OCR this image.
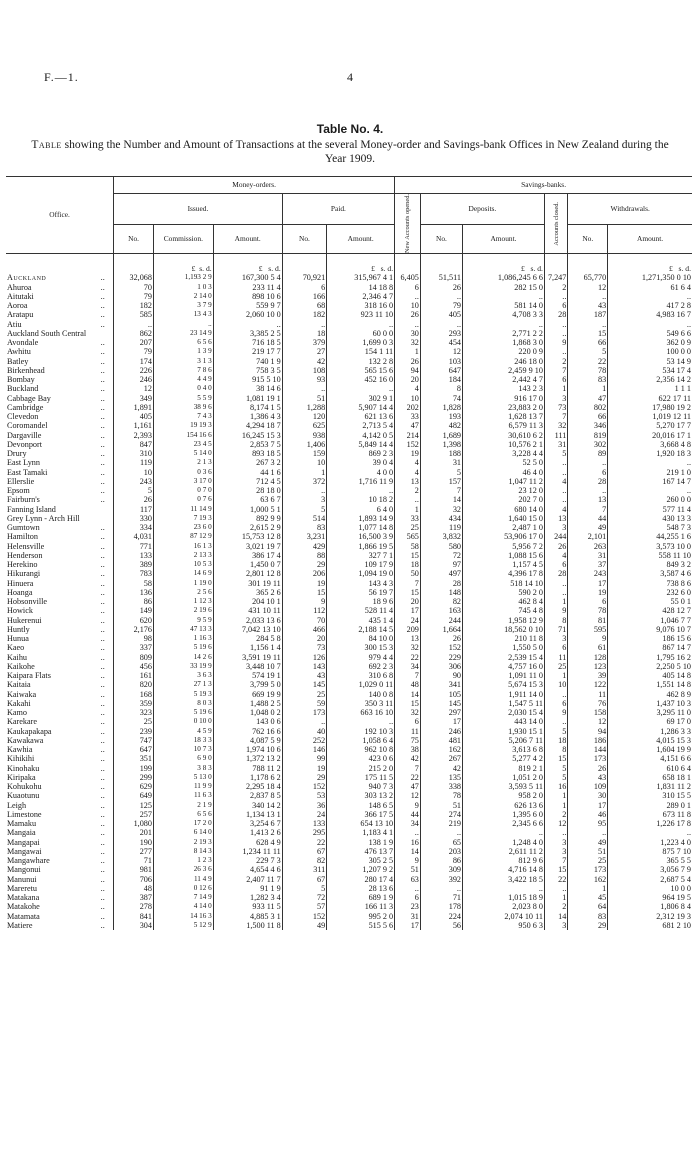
F.—1.	4
Table No. 4.
Table showing the Number and Amount of Transactions at the several Money-order and Savings-bank Offices in New Zealand during the Year 1909.
Office.		Money-orders.					Savings-banks.					
		Issued.			Paid.		New Accounts opened.	Deposits.		Accounts closed.	Withdrawals.	
		No.	Commission.	Amount.	No.	Amount.		No.	Amount.		No.	Amount.
			£ s. d.	£ s. d.		£ s. d.			£ s. d.			£ s. d.
Auckland	..	32,068	1,193 2 9	167,300 5 4	70,921	315,967 4 1	6,405	51,511	1,086,245 6 6	7,247	65,770	1,271,350 0 10
Ahuroa	..	70	1 0 3	233 11 4	6	14 18 8	6	26	282 15 0	2	12	61 6 4
Aitutaki	..	79	2 14 0	898 10 6	166	2,346 4 7	..	..	..	..	..	..
Aoroa	..	182	3 7 9	559 9 7	68	318 16 0	10	79	581 14 0	6	43	417 2 8
Aratapu	..	585	13 4 3	2,060 10 0	182	923 11 10	26	405	4,708 3 3	28	187	4,983 16 7
Atiu	..	..	..	..	..	..	..	..	..	..	..	..
Auckland South Central		862	23 14 9	3,385 2 5	18	60 0 0	30	293	2,771 2 2	..	15	549 6 6
Avondale	..	207	6 5 6	716 18 5	379	1,699 0 3	32	454	1,868 3 0	9	66	362 0 9
Awhitu	..	79	1 3 9	219 17 7	27	154 1 11	1	12	220 0 9	..	5	100 0 0
Batley	..	174	3 1 3	740 1 9	42	132 2 8	26	103	246 18 0	2	22	53 14 9
Birkenhead	..	226	7 8 6	758 3 5	108	565 15 6	94	647	2,459 9 10	7	78	534 17 4
Bombay	..	246	4 4 9	915 5 10	93	452 16 0	20	184	2,442 4 7	6	83	2,356 14 2
Buckland	..	12	0 4 0	38 14 6	..	..	4	8	143 2 3	1	1	1 1 1
Cabbage Bay	..	349	5 5 9	1,081 19 1	51	302 9 1	10	74	916 17 0	3	47	622 17 11
Cambridge	..	1,891	38 9 6	8,174 1 5	1,288	5,907 14 4	202	1,828	23,883 2 0	73	802	17,980 19 2
Clevedon	..	405	7 4 3	1,386 4 3	120	621 13 6	33	193	1,628 13 7	7	66	1,019 12 11
Coromandel	..	1,161	19 19 3	4,294 18 7	625	2,713 5 4	47	482	6,579 11 3	32	346	5,270 17 7
Dargaville	..	2,393	154 16 6	16,245 15 3	938	4,142 0 5	214	1,689	30,610 6 2	111	819	20,016 17 1
Devonport	..	847	23 4 5	2,853 7 5	1,406	5,849 14 4	152	1,398	10,576 2 1	31	302	3,668 4 8
Drury	..	310	5 14 0	893 18 5	159	869 2 3	19	188	3,228 4 4	5	89	1,920 18 3
East Lynn	..	119	2 1 3	267 3 2	10	39 0 4	4	31	52 5 0	..	..	..
East Tamaki	..	10	0 3 6	44 1 6	1	4 0 0	4	5	46 4 0	..	6	219 1 0
Ellerslie	..	243	3 17 0	712 4 5	372	1,716 11 9	13	157	1,047 11 2	4	28	167 14 7
Epsom	..	5	0 7 0	28 18 0	..	..	2	7	23 12 0	..	..	..
Fairburn's	..	26	0 7 6	63 6 7	3	10 18 2	..	14	202 7 0	..	13	260 0 0
Fanning Island		117	11 14 9	1,000 5 1	5	6 4 0	1	32	680 14 0	4	7	577 11 4
Grey Lynn - Arch Hill		330	7 19 3	892 9 9	514	1,893 14 9	33	434	1,640 15 0	13	44	430 13 3
Gumtown	..	334	23 6 0	2,615 2 9	83	1,077 14 8	25	119	2,487 1 0	3	49	548 7 3
Hamilton	..	4,031	87 12 9	15,753 12 8	3,231	16,500 3 9	565	3,832	53,906 17 0	244	2,101	44,255 1 6
Helensville	..	771	16 1 3	3,021 19 7	429	1,866 19 5	58	580	5,956 7 2	26	263	3,573 10 0
Henderson	..	133	2 13 3	386 17 4	88	327 7 1	15	72	1,088 15 6	4	31	558 11 10
Herekino	..	389	10 5 3	1,450 0 7	29	109 17 9	18	97	1,157 4 5	6	37	849 3 2
Hikurangi	..	783	14 6 9	2,801 12 8	206	1,094 19 0	50	497	4,396 17 8	28	243	3,587 4 6
Hinuera	..	58	1 19 0	301 19 11	19	143 4 3	7	28	518 14 10	..	17	738 8 6
Hoanga	..	136	2 5 6	365 2 6	15	56 19 7	15	148	590 2 0	..	19	232 6 0
Hobsonville	..	86	1 12 3	204 10 1	9	18 9 6	20	82	462 8 4	1	6	55 0 1
Howick	..	149	2 19 6	431 10 11	112	528 11 4	17	163	745 4 8	9	78	428 12 7
Hukerenui	..	620	9 5 9	2,033 13 6	70	435 1 4	24	244	1,958 12 9	8	81	1,046 7 7
Huntly	..	2,176	47 13 3	7,042 13 10	466	2,188 14 5	209	1,664	18,562 0 10	71	595	9,076 10 7
Hunua	..	98	1 16 3	284 5 8	20	84 10 0	13	26	210 11 8	3	9	186 15 6
Kaeo	..	337	5 19 6	1,156 1 4	73	300 15 3	32	152	1,550 5 0	6	61	867 14 7
Kaihu	..	809	14 2 6	3,591 19 11	126	979 4 4	22	229	2,539 15 4	11	128	1,795 16 2
Kaikohe	..	456	33 19 9	3,448 10 7	143	692 2 3	34	306	4,757 16 0	25	123	2,250 5 10
Kaipara Flats	..	161	3 6 3	574 19 1	43	310 6 8	7	90	1,091 11 0	1	39	405 14 8
Kaitaia	..	820	27 1 3	3,799 5 0	145	1,029 0 11	48	341	5,674 15 3	10	122	1,551 14 8
Kaiwaka	..	168	5 19 3	669 19 9	25	140 0 8	14	105	1,911 14 0	..	11	462 8 9
Kakahi	..	359	8 0 3	1,488 2 5	59	350 3 11	15	145	1,547 5 11	6	76	1,437 10 3
Kamo	..	323	5 19 6	1,048 0 2	173	663 16 10	32	297	2,030 15 4	9	158	3,295 11 0
Karekare	..	25	0 10 0	143 0 6	..	..	6	17	443 14 0	..	12	69 17 0
Kaukapakapa	..	239	4 5 9	762 16 6	40	192 10 3	11	246	1,930 15 1	5	94	1,286 3 3
Kawakawa	..	747	18 3 3	4,087 5 9	252	1,058 6 4	75	481	5,206 7 11	18	186	4,015 15 3
Kawhia	..	647	10 7 3	1,974 10 6	146	962 10 8	38	162	3,613 6 8	8	144	1,604 19 9
Kihikihi	..	351	6 9 0	1,372 13 2	99	423 0 6	42	267	5,277 4 2	15	173	4,151 6 6
Kinohaku	..	199	3 8 3	788 11 2	19	215 2 0	7	42	819 2 1	5	26	610 6 4
Kiripaka	..	299	5 13 0	1,178 6 2	29	175 11 5	22	135	1,051 2 0	5	43	658 18 1
Kohukohu	..	629	11 9 9	2,295 18 4	152	940 7 3	47	338	3,593 5 11	16	109	1,831 11 2
Kuaotunu	..	649	11 6 3	2,837 8 5	53	303 13 2	12	78	958 2 0	1	30	310 15 5
Leigh	..	125	2 1 9	340 14 2	36	148 6 5	9	51	626 13 6	1	17	289 0 1
Limestone	..	257	6 5 6	1,134 13 1	24	366 17 5	44	274	1,395 6 0	2	46	673 11 8
Mamaku	..	1,080	17 2 0	3,254 6 7	133	654 13 10	34	219	2,345 6 6	12	95	1,226 17 8
Mangaia	..	201	6 14 0	1,413 2 6	295	1,183 4 1	..	..	..	..	..	..
Mangapai	..	190	2 19 3	628 4 9	22	138 1 9	16	65	1,248 4 0	3	49	1,223 4 0
Mangawai	..	277	8 14 3	1,234 11 11	67	476 13 7	14	203	2,611 11 2	3	51	875 7 10
Mangawhare	..	71	1 2 3	229 7 3	82	305 2 5	9	86	812 9 6	7	25	365 5 5
Mangonui	..	981	26 3 6	4,654 4 6	311	1,207 9 2	51	309	4,716 14 8	15	173	3,056 7 9
Manunui	..	706	11 4 9	2,407 11 7	67	280 17 4	63	392	3,422 18 5	22	162	2,687 5 4
Mareretu	..	48	0 12 6	91 1 9	5	28 13 6	..	..	..	..	1	10 0 0
Matakana	..	387	7 14 9	1,282 3 4	72	689 1 9	6	71	1,015 18 9	1	45	964 19 5
Matakohe	..	278	4 14 0	933 11 5	57	166 11 3	23	178	2,023 8 0	2	64	1,806 8 4
Matamata	..	841	14 16 3	4,885 3 1	152	995 2 0	31	224	2,074 10 11	14	83	2,312 19 3
Matiere	..	304	5 12 9	1,500 11 8	49	515 5 6	17	56	950 6 3	3	29	681 2 10
